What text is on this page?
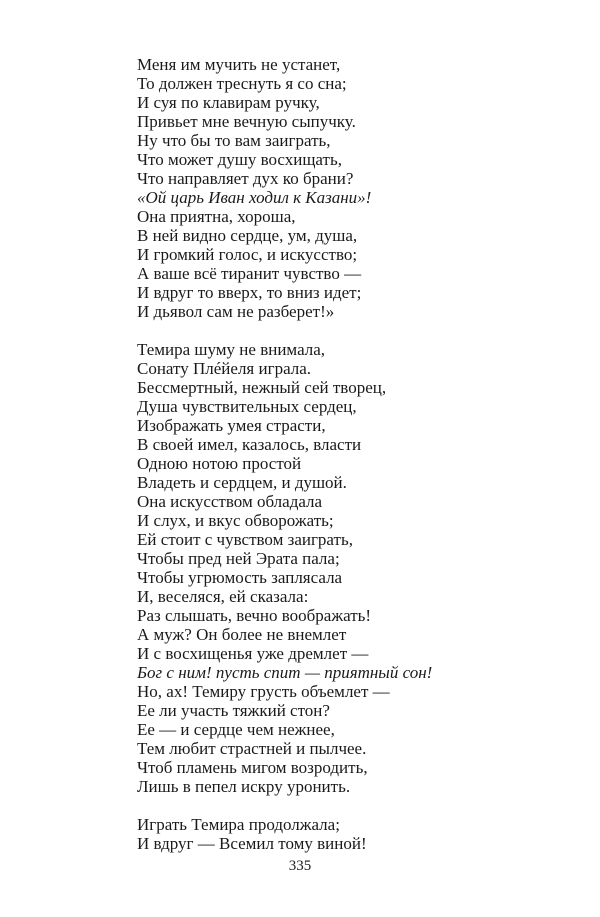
Меня им мучить не устанет,
То должен треснуть я со сна;
И суя по клавирам ручку,
Привьет мне вечную сыпучку.
Ну что бы то вам заиграть,
Что может душу восхищать,
Что направляет дух ко брани?
«Ой царь Иван ходил к Казани»!
Она приятна, хороша,
В ней видно сердце, ум, душа,
И громкий голос, и искусство;
А ваше всё тиранит чувство —
И вдруг то вверх, то вниз идет;
И дьявол сам не разберет!»
Темира шуму не внимала,
Сонату Плéйеля играла.
Бессмертный, нежный сей творец,
Душа чувствительных сердец,
Изображать умея страсти,
В своей имел, казалось, власти
Одною нотою простой
Владеть и сердцем, и душой.
Она искусством обладала
И слух, и вкус обворожать;
Ей стоит с чувством заиграть,
Чтобы пред ней Эрата пала;
Чтобы угрюмость заплясала
И, веселяся, ей сказала:
Раз слышать, вечно воображать!
А муж? Он более не внемлет
И с восхищенья уже дремлет —
Бог с ним! пусть спит — приятный сон!
Но, ах! Темиру грусть объемлет —
Ее ли участь тяжкий стон?
Ее — и сердце чем нежнее,
Тем любит страстней и пылчее.
Чтоб пламень мигом возродить,
Лишь в пепел искру уронить.
Играть Темира продолжала;
И вдруг — Всемил тому виной!
335
